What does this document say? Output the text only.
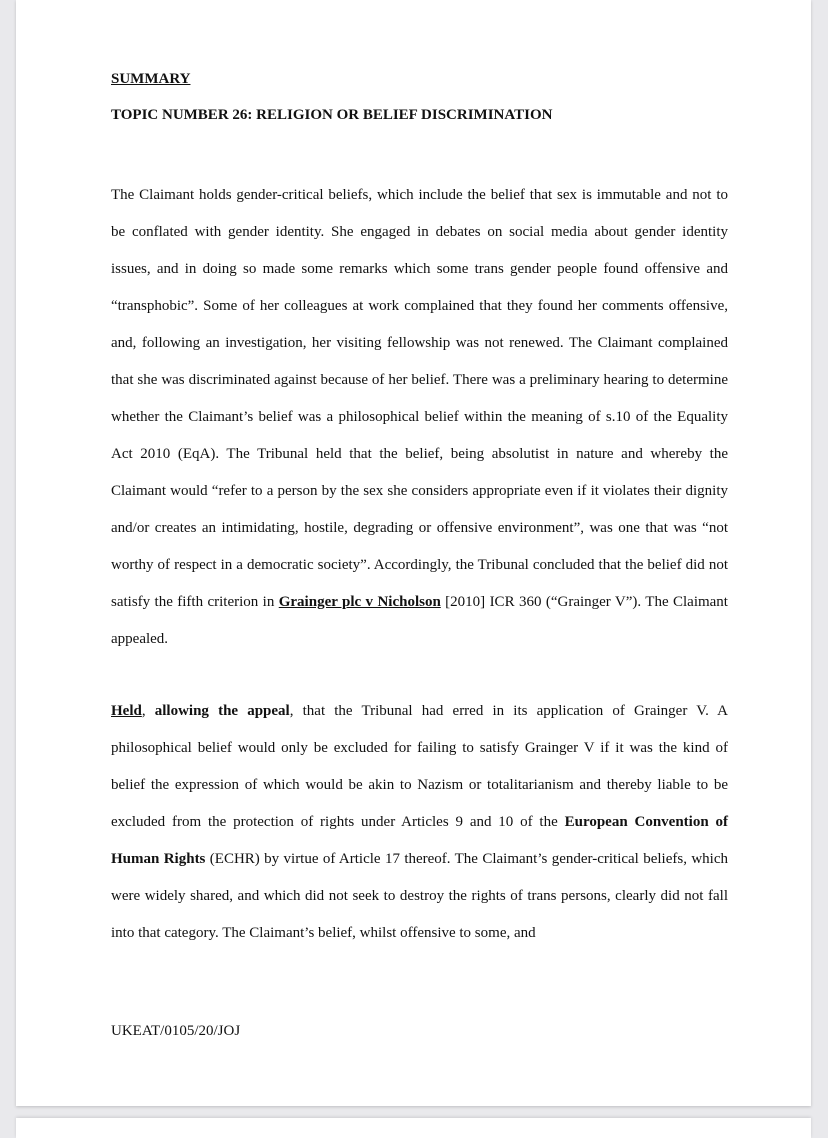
SUMMARY

TOPIC NUMBER 26: RELIGION OR BELIEF DISCRIMINATION

The Claimant holds gender-critical beliefs, which include the belief that sex is immutable and not to be conflated with gender identity. She engaged in debates on social media about gender identity issues, and in doing so made some remarks which some trans gender people found offensive and “transphobic”. Some of her colleagues at work complained that they found her comments offensive, and, following an investigation, her visiting fellowship was not renewed. The Claimant complained that she was discriminated against because of her belief. There was a preliminary hearing to determine whether the Claimant’s belief was a philosophical belief within the meaning of s.10 of the Equality Act 2010 (EqA). The Tribunal held that the belief, being absolutist in nature and whereby the Claimant would “refer to a person by the sex she considers appropriate even if it violates their dignity and/or creates an intimidating, hostile, degrading or offensive environment”, was one that was “not worthy of respect in a democratic society”. Accordingly, the Tribunal concluded that the belief did not satisfy the fifth criterion in Grainger plc v Nicholson [2010] ICR 360 (“Grainger V”). The Claimant appealed.

Held, allowing the appeal, that the Tribunal had erred in its application of Grainger V. A philosophical belief would only be excluded for failing to satisfy Grainger V if it was the kind of belief the expression of which would be akin to Nazism or totalitarianism and thereby liable to be excluded from the protection of rights under Articles 9 and 10 of the European Convention of Human Rights (ECHR) by virtue of Article 17 thereof. The Claimant’s gender-critical beliefs, which were widely shared, and which did not seek to destroy the rights of trans persons, clearly did not fall into that category. The Claimant’s belief, whilst offensive to some, and

UKEAT/0105/20/JOJ
